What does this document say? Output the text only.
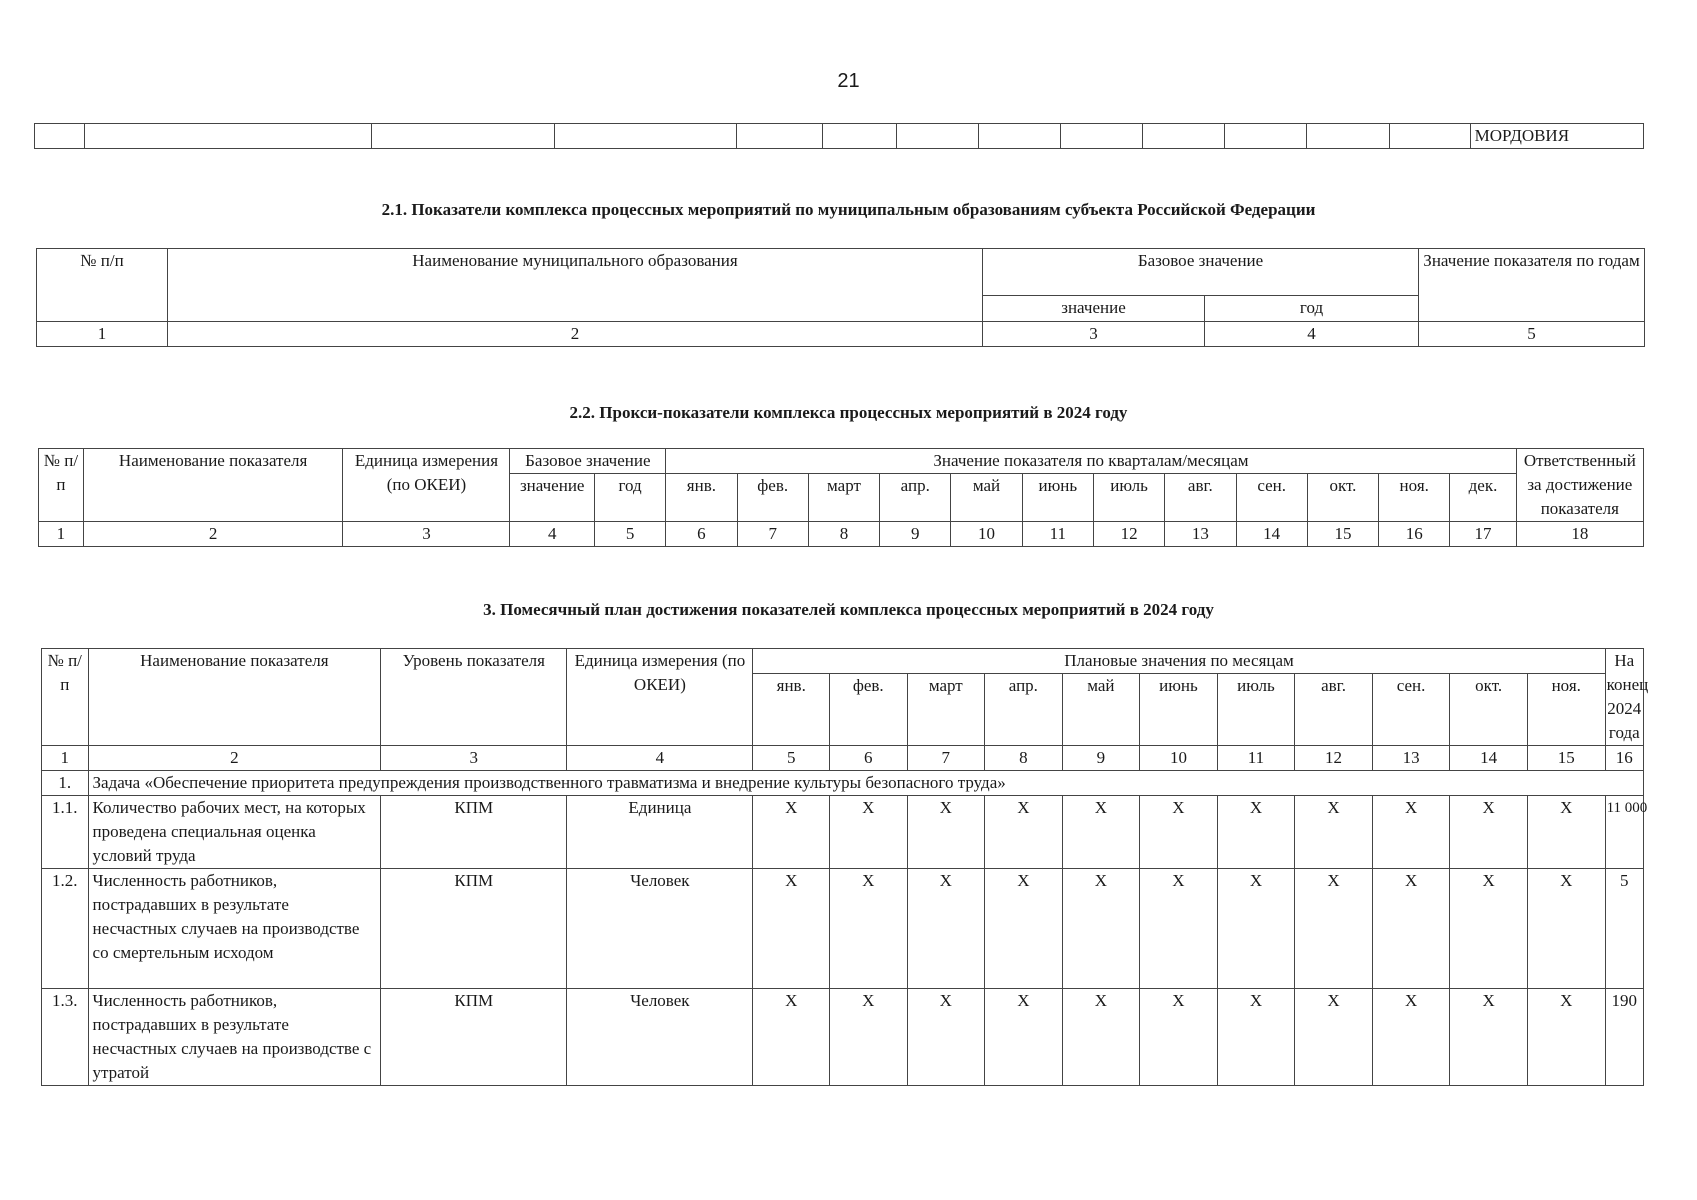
21
													МОРДОВИЯ
2.1. Показатели комплекса процессных мероприятий по муниципальным образованиям субъекта Российской Федерации
№ п/п	Наименование муниципального образования	Базовое значение		Значение показателя по годам
		значение	год	
1	2	3	4	5
2.2. Прокси-показатели комплекса процессных мероприятий в 2024 году
№ п/п	Наименование показателя	Единица измерения (по ОКЕИ)	Базовое значение		Значение показателя по кварталам/месяцам												Ответственный за достижение показателя
			значение	год	янв.	фев.	март	апр.	май	июнь	июль	авг.	сен.	окт.	ноя.	дек.	
1	2	3	4	5	6	7	8	9	10	11	12	13	14	15	16	17	18
3. Помесячный план достижения показателей комплекса процессных мероприятий в 2024 году
№ п/п	Наименование показателя	Уровень показателя	Единица измерения (по ОКЕИ)	Плановые значения по месяцам											На конец 2024 года
				янв.	фев.	март	апр.	май	июнь	июль	авг.	сен.	окт.	ноя.	
1	2	3	4	5	6	7	8	9	10	11	12	13	14	15	16
1.	Задача «Обеспечение приоритета предупреждения производственного травматизма и внедрение культуры безопасного труда»														
1.1.	Количество рабочих мест, на которых проведена специальная оценка условий труда	КПМ	Единица	X	X	X	X	X	X	X	X	X	X	X	11 000
1.2.	Численность работников, пострадавших в результате несчастных случаев на производстве со смертельным исходом	КПМ	Человек	X	X	X	X	X	X	X	X	X	X	X	5
1.3.	Численность работников, пострадавших в результате несчастных случаев на производстве с утратой	КПМ	Человек	X	X	X	X	X	X	X	X	X	X	X	190
